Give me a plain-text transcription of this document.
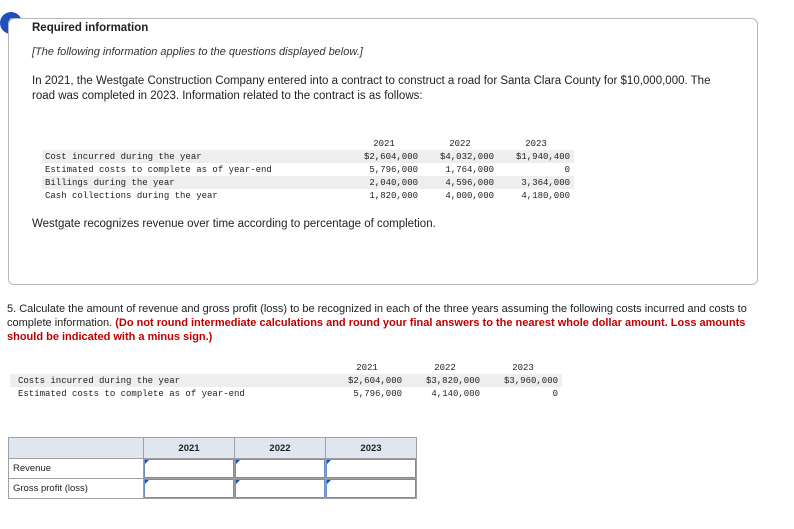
Required information
[The following information applies to the questions displayed below.]
In 2021, the Westgate Construction Company entered into a contract to construct a road for Santa Clara County for $10,000,000. The road was completed in 2023. Information related to the contract is as follows:
	2021	2022	2023
Cost incurred during the year	$2,604,000	$4,032,000	$1,940,400
Estimated costs to complete as of year-end	5,796,000	1,764,000	0
Billings during the year	2,040,000	4,596,000	3,364,000
Cash collections during the year	1,820,000	4,000,000	4,180,000
Westgate recognizes revenue over time according to percentage of completion.
5. Calculate the amount of revenue and gross profit (loss) to be recognized in each of the three years assuming the following costs incurred and costs to complete information. (Do not round intermediate calculations and round your final answers to the nearest whole dollar amount. Loss amounts should be indicated with a minus sign.)
	2021	2022	2023
Costs incurred during the year	$2,604,000	$3,820,000	$3,960,000
Estimated costs to complete as of year-end	5,796,000	4,140,000	0
	2021	2022	2023
Revenue	

Gross profit (loss)	
